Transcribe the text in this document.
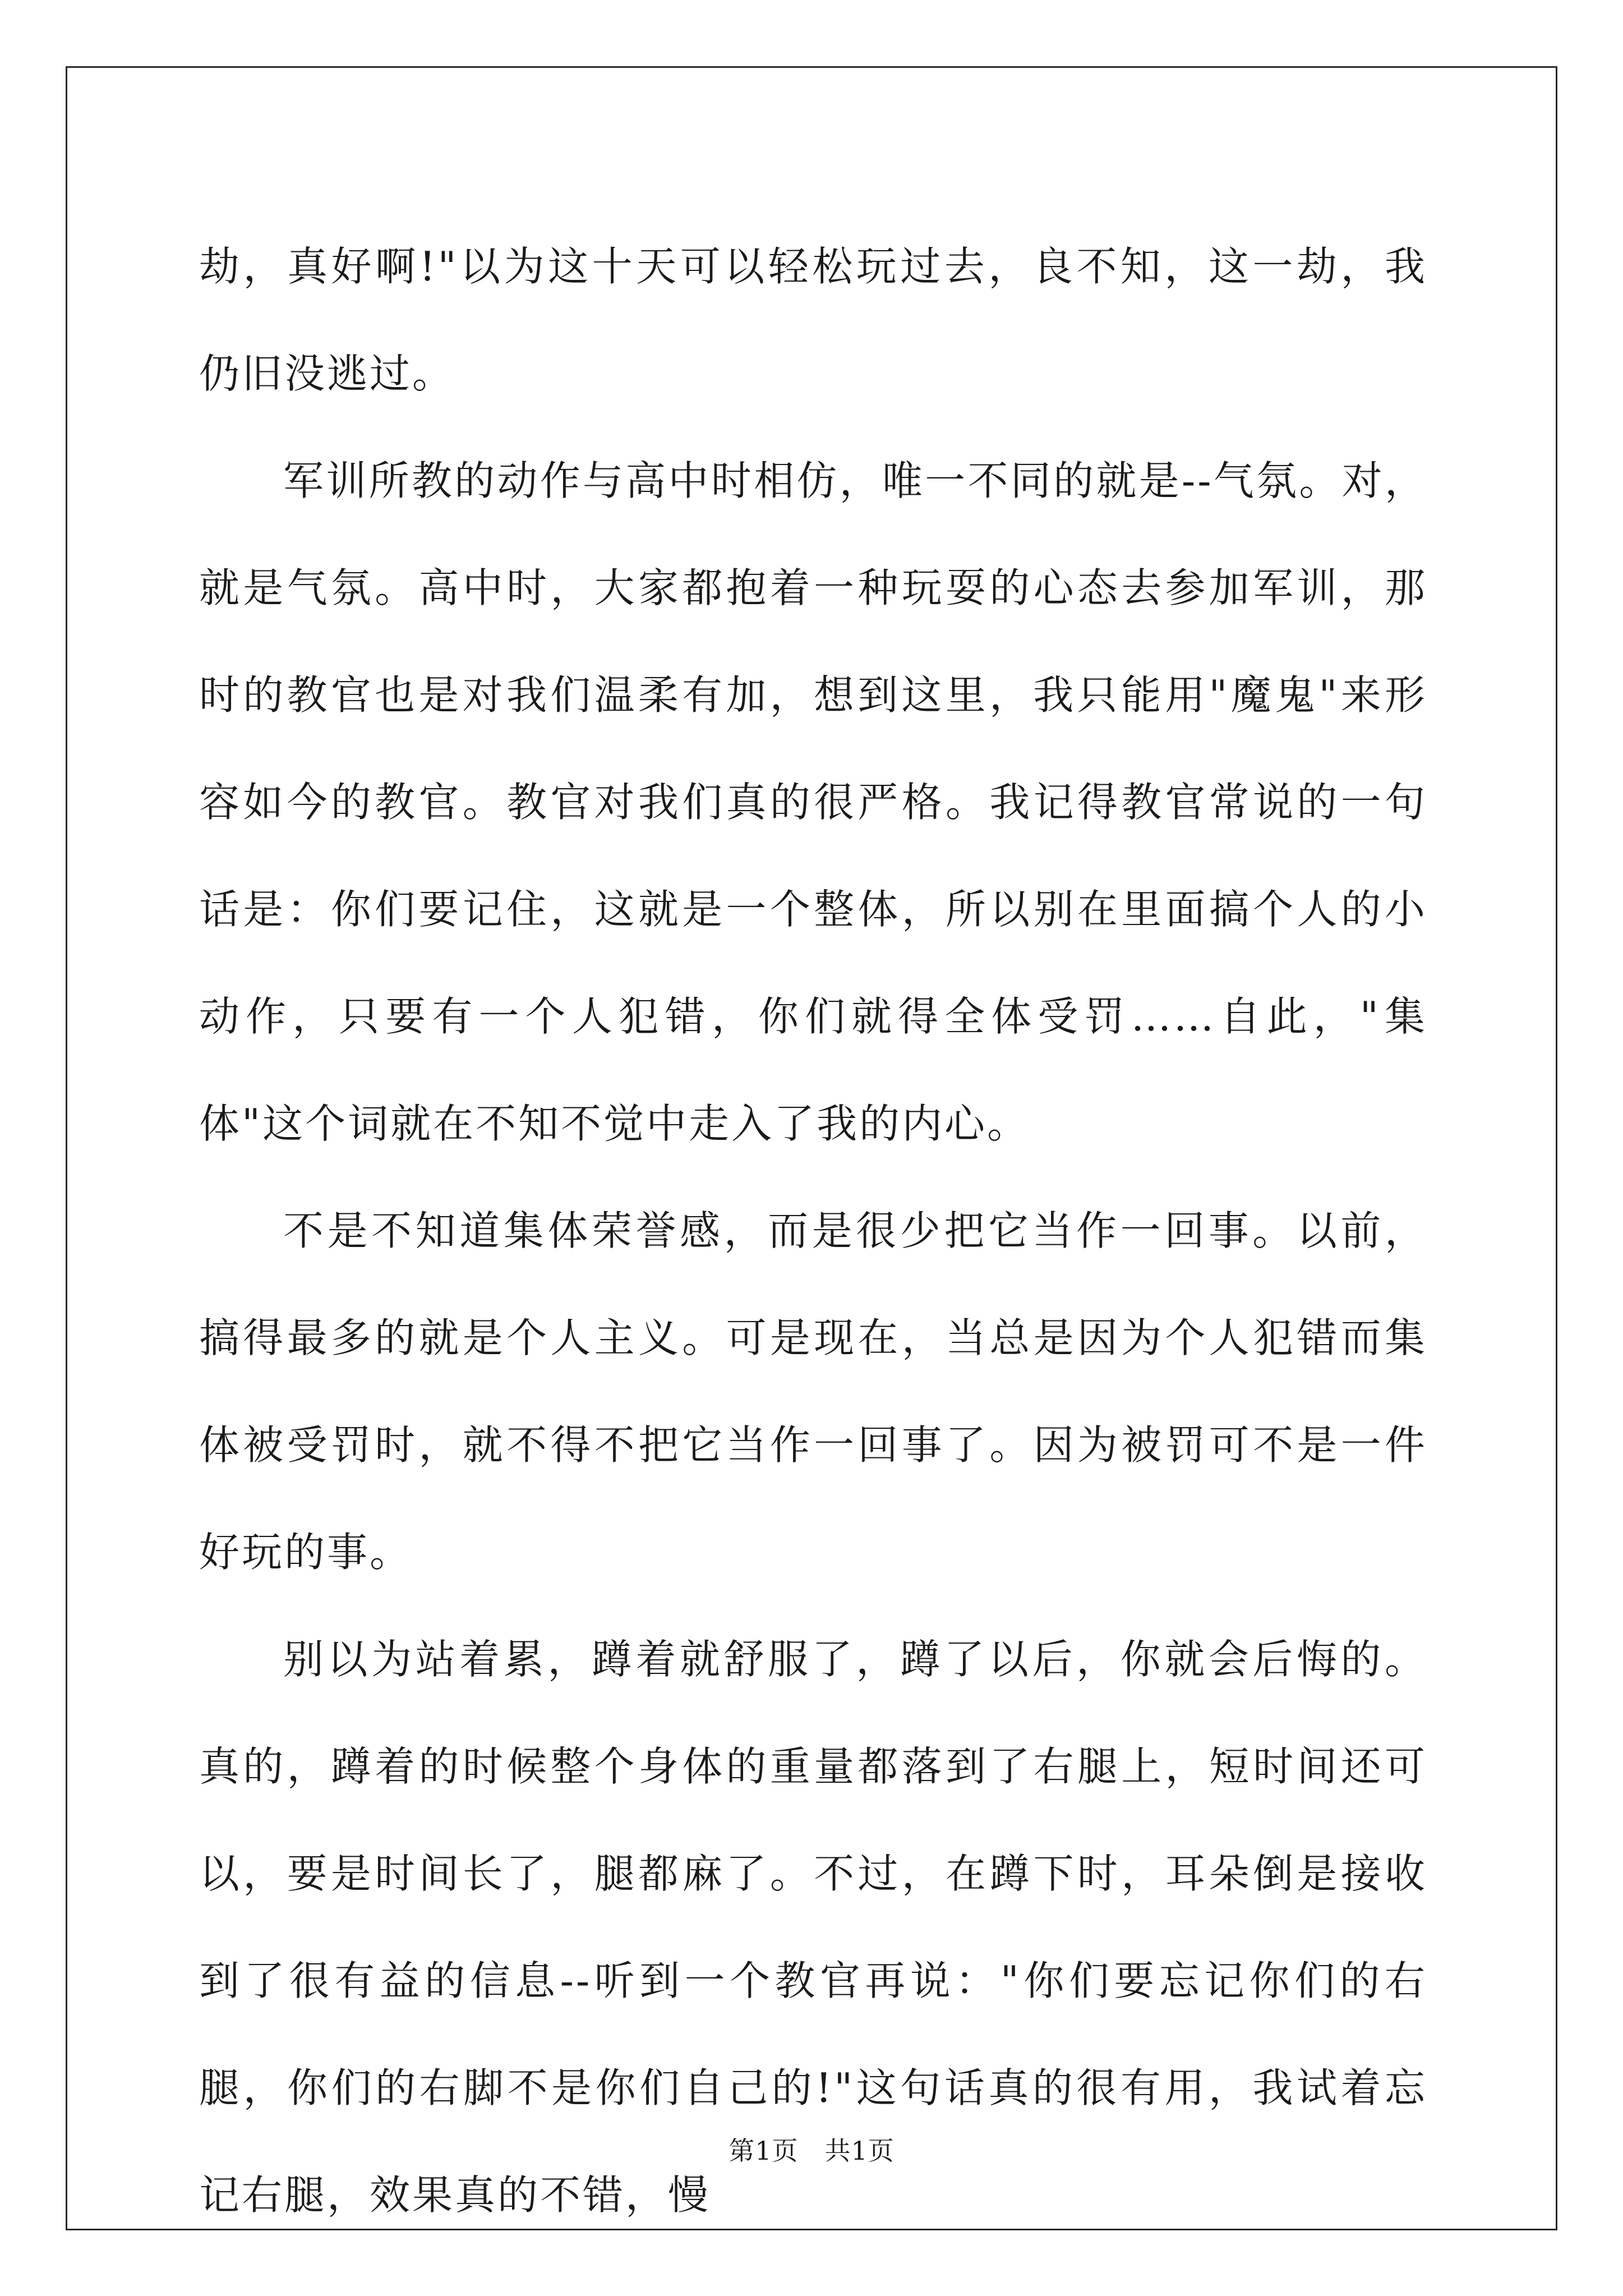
劫，真好啊!"以为这十天可以轻松玩过去，良不知，这一劫，我仍旧没逃过。

军训所教的动作与高中时相仿，唯一不同的就是--气氛。对，就是气氛。高中时，大家都抱着一种玩耍的心态去参加军训，那时的教官也是对我们温柔有加，想到这里，我只能用"魔鬼"来形容如今的教官。教官对我们真的很严格。我记得教官常说的一句话是：你们要记住，这就是一个整体，所以别在里面搞个人的小动作，只要有一个人犯错，你们就得全体受罚……自此，"集体"这个词就在不知不觉中走入了我的内心。

不是不知道集体荣誉感，而是很少把它当作一回事。以前，搞得最多的就是个人主义。可是现在，当总是因为个人犯错而集体被受罚时，就不得不把它当作一回事了。因为被罚可不是一件好玩的事。

别以为站着累，蹲着就舒服了，蹲了以后，你就会后悔的。真的，蹲着的时候整个身体的重量都落到了右腿上，短时间还可以，要是时间长了，腿都麻了。不过，在蹲下时，耳朵倒是接收到了很有益的信息--听到一个教官再说："你们要忘记你们的右腿，你们的右脚不是你们自己的!"这句话真的很有用，我试着忘记右腿，效果真的不错，慢

第1页　共1页
